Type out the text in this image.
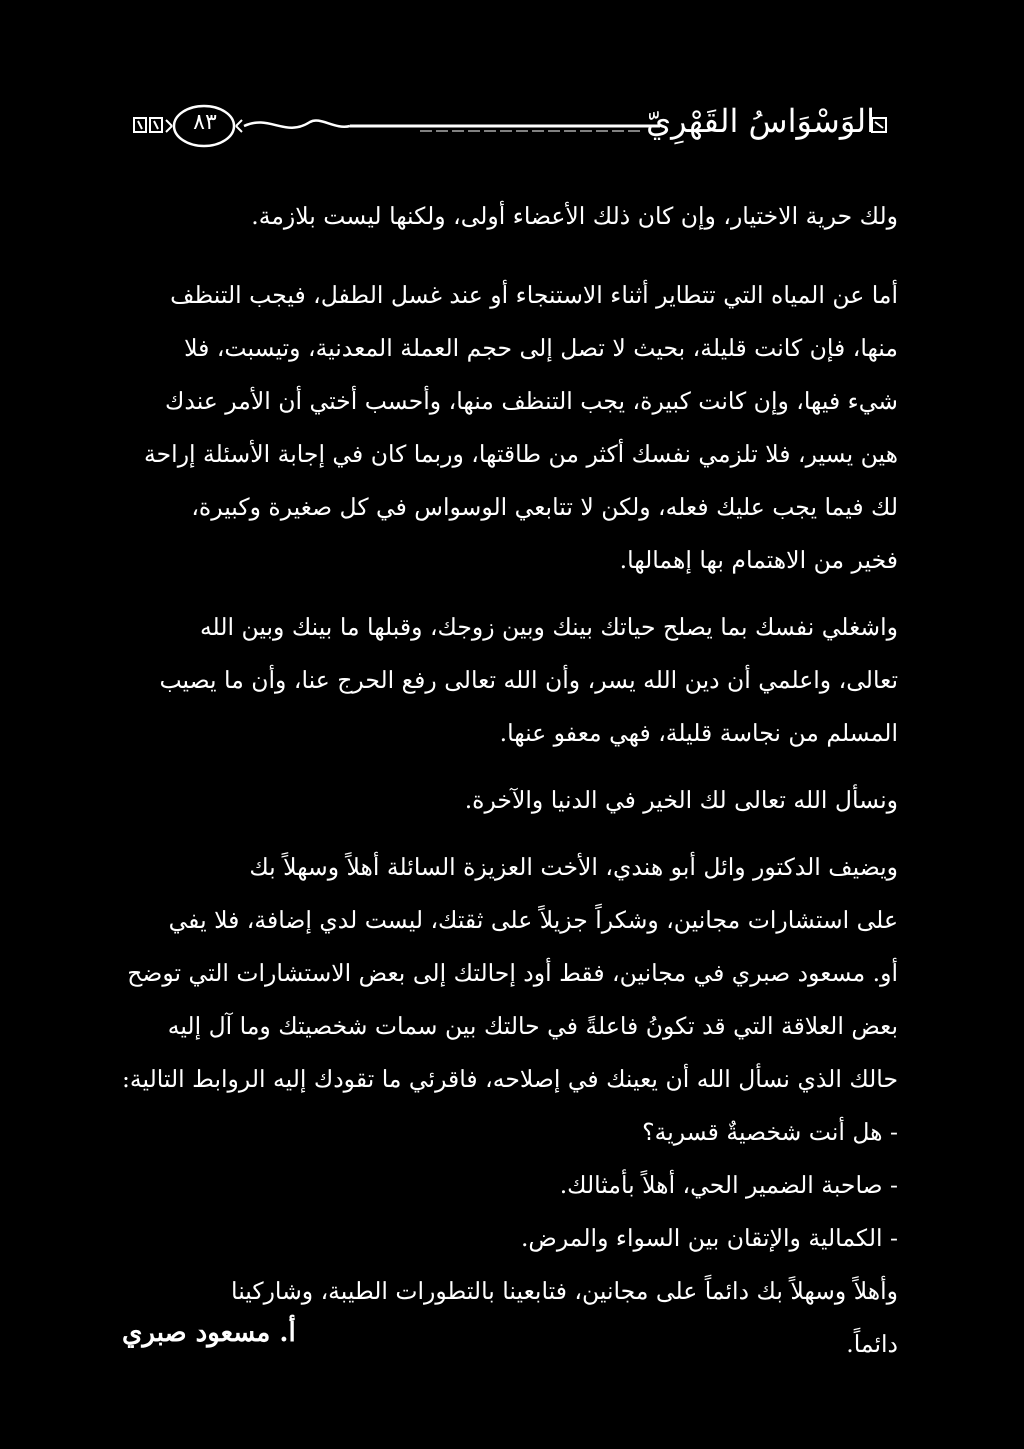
٨٣	الوَسْوَاسُ القَهْرِيّ
ولك حرية الاختيار، وإن كان ذلك الأعضاء أولى، ولكنها ليست بلازمة.
أما عن المياه التي تتطاير أثناء الاستنجاء أو عند غسل الطفل، فيجب التنظف
منها، فإن كانت قليلة، بحيث لا تصل إلى حجم العملة المعدنية، وتيسبت، فلا
شيء فيها، وإن كانت كبيرة، يجب التنظف منها، وأحسب أختي أن الأمر عندك
هين يسير، فلا تلزمي نفسك أكثر من طاقتها، وربما كان في إجابة الأسئلة إراحة
لك فيما يجب عليك فعله، ولكن لا تتابعي الوسواس في كل صغيرة وكبيرة،
فخير من الاهتمام بها إهمالها.
واشغلي نفسك بما يصلح حياتك بينك وبين زوجك، وقبلها ما بينك وبين الله
تعالى، واعلمي أن دين الله يسر، وأن الله تعالى رفع الحرج عنا، وأن ما يصيب
المسلم من نجاسة قليلة، فهي معفو عنها.
ونسأل الله تعالى لك الخير في الدنيا والآخرة.
ويضيف الدكتور وائل أبو هندي، الأخت العزيزة السائلة أهلاً وسهلاً بك
على استشارات مجانين، وشكراً جزيلاً على ثقتك، ليست لدي إضافة، فلا يفي
أو. مسعود صبري في مجانين، فقط أود إحالتك إلى بعض الاستشارات التي توضح
بعض العلاقة التي قد تكونُ فاعلةً في حالتك بين سمات شخصيتك وما آل إليه
حالك الذي نسأل الله أن يعينك في إصلاحه، فاقرئي ما تقودك إليه الروابط التالية:
- هل أنت شخصيةٌ قسرية؟
- صاحبة الضمير الحي، أهلاً بأمثالك.
- الكمالية والإتقان بين السواء والمرض.
وأهلاً وسهلاً بك دائماً على مجانين، فتابعينا بالتطورات الطيبة، وشاركينا
دائماً.
أ. مسعود صبري
